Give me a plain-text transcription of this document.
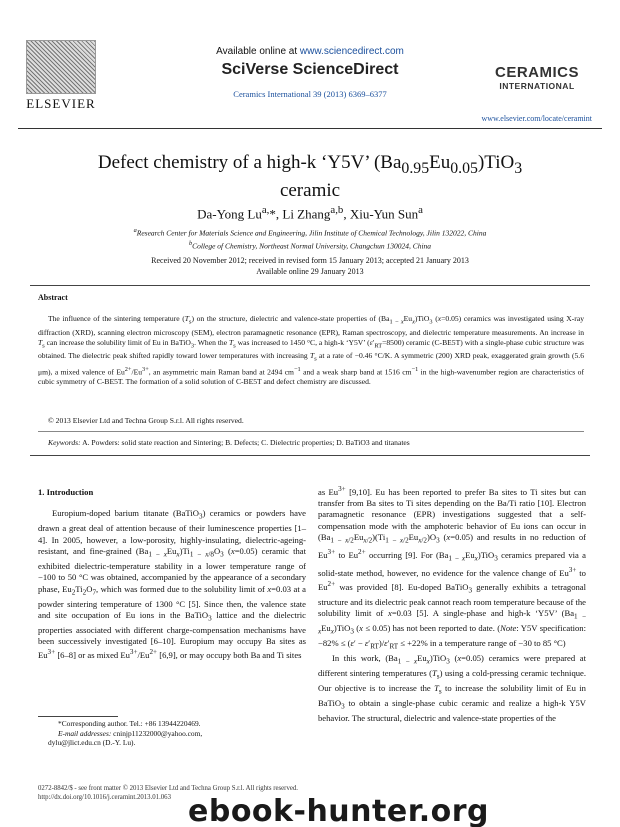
ELSEVIER
Available online at www.sciencedirect.com
SciVerse ScienceDirect
Ceramics International 39 (2013) 6369–6377
CERAMICS
INTERNATIONAL
www.elsevier.com/locate/ceramint
Defect chemistry of a high-k ‘Y5V’ $(Ba_{0.95}Eu_{0.05})TiO_3$
ceramic
Da-Yong $Lu^{a,}*$, Li Zhang$^{a,b}$, Xiu-Yun Sun$^a$
$^a$Research Center for Materials Science and Engineering, Jilin Institute of Chemical Technology, Jilin 132022, China
$^b$College of Chemistry, Northeast Normal University, Changchun 130024, China
Received 20 November 2012; received in revised form 15 January 2013; accepted 21 January 2013
Available online 29 January 2013
Abstract
The influence of the sintering temperature $(T_s)$ on the structure, dielectric and valence-state properties of $(Ba_{1 - x}Eu_x)TiO_3$ (x=0.05) ceramics was investigated using X-ray diffraction (XRD), scanning electron microscopy (SEM), electron paramagnetic resonance (EPR), Raman spectroscopy, and dielectric temperature measurements. An increase in $T_s$ can increase the solubility limit of Eu in BaTiO$_3$. When the $T_s$ was increased to 1450 °C, a high-k ‘Y5V’ $(\varepsilon'_{RT}=8500)$ ceramic (C-BE5T) with a single-phase cubic structure was obtained. The dielectric peak shifted rapidly toward lower temperatures with increasing $T_s$ at a rate of −0.46 °C/K. A symmetric (200) XRD peak, exaggerated grain growth (5.6 μm), a mixed valence of $Eu^{2+}/Eu^{3+}$, an asymmetric main Raman band at 2494 $cm^{-1}$ and a weak sharp band at 1516 $cm^{-1}$ in the high-wavenumber region are characteristics of cubic symmetry of C-BE5T. The formation of a solid solution of C-BE5T and defect chemistry are discussed.
© 2013 Elsevier Ltd and Techna Group S.r.l. All rights reserved.
Keywords: A. Powders: solid state reaction and Sintering; B. Defects; C. Dielectric properties; D. BaTiO3 and titanates
1. Introduction
Europium-doped barium titanate (BaTiO$_3$) ceramics or powders have drawn a great deal of attention because of their luminescence properties [1–4]. In 2005, however, a low-porosity, highly-insulating, dielectric-ageing-resistant, and fine-grained $(Ba_{1 - x}Eu_x)Ti_{1 - x/8}O_3$ (x=0.05) ceramic that exhibited dielectric-temperature stability in a lower temperature range of −100 to 50 °C was obtained, accompanied by the appearance of a secondary phase, $Eu_2Ti_2O_7$, which was formed due to the solubility limit of x=0.03 at a powder sintering temperature of 1300 °C [5]. Since then, the valence state and site occupation of Eu ions in the BaTiO$_3$ lattice and the dielectric properties associated with different charge-compensation mechanisms have been successively investigated [6–10]. Europium may occupy Ba sites as $Eu^{3+}$ [6–8] or as mixed $Eu^{3+}/Eu^{2+}$ [6,9], or may occupy both Ba and Ti sites
as $Eu^{3+}$ [9,10]. Eu has been reported to prefer Ba sites to Ti sites but can transfer from Ba sites to Ti sites depending on the Ba/Ti ratio [10]. Electron paramagnetic resonance (EPR) investigations suggested that a self-compensation mode with the amphoteric behavior of Eu ions can occur in $(Ba_{1 - x/2}Eu_{x/2})(Ti_{1 - x/2}Eu_{x/2})O_3$ (x=0.05) and results in no reduction of $Eu^{3+}$ to $Eu^{2+}$ occurring [9]. For $(Ba_{1 - x}Eu_x)TiO_3$ ceramics prepared via a solid-state method, however, no evidence for the valence change of $Eu^{3+}$ to $Eu^{2+}$ was provided [8]. Eu-doped BaTiO$_3$ generally exhibits a tetragonal structure and its dielectric peak cannot reach room temperature because of the solubility limit of x=0.03 [5]. A single-phase and high-k ‘Y5V’ $(Ba_{1 - x}Eu_x)TiO_3$ (x ≤ 0.05) has not been reported to date. (Note: Y5V specification: $-82\% \le (\varepsilon' - \varepsilon'_{RT})/\varepsilon'_{RT} \le +22\%$ in a temperature range of −30 to 85 °C)
In this work, $(Ba_{1 - x}Eu_x)TiO_3$ (x=0.05) ceramics were prepared at different sintering temperatures $(T_s)$ using a cold-pressing ceramic technique. Our objective is to increase the $T_s$ to increase the solubility limit of Eu in BaTiO$_3$ to obtain a single-phase cubic ceramic and realize a high-k Y5V behavior. The structural, dielectric and valence-state properties of the
*Corresponding author. Tel.: +86 13944220469.
E-mail addresses: cninjp11232000@yahoo.com,
dylu@jlict.edu.cn (D.-Y. Lu).
0272-8842/$ - see front matter © 2013 Elsevier Ltd and Techna Group S.r.l. All rights reserved.
http://dx.doi.org/10.1016/j.ceramint.2013.01.063 ebook-hunter.org
